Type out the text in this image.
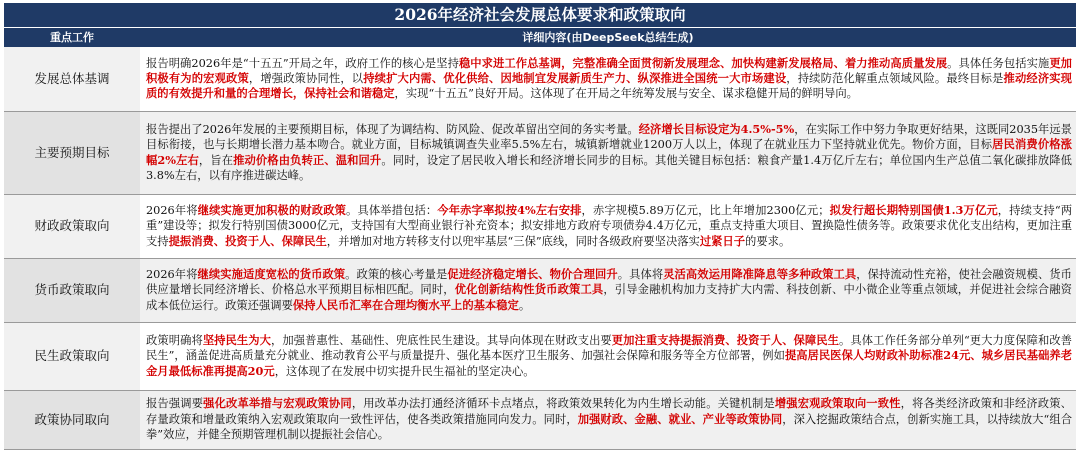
2026年经济社会发展总体要求和政策取向
重点工作	详细内容(由DeepSeek总结生成)
发展总体基调	报告明确2026年是“十五五”开局之年，政府工作的核心是坚持稳中求进工作总基调，完整准确全面贯彻新发展理念、加快构建新发展格局、着力推动高质量发展。具体任务包括实施更加积极有为的宏观政策，增强政策协同性，以持续扩大内需、优化供给、因地制宜发展新质生产力、纵深推进全国统一大市场建设，持续防范化解重点领域风险。最终目标是推动经济实现质的有效提升和量的合理增长，保持社会和谐稳定，实现“十五五”良好开局。这体现了在开局之年统筹发展与安全、谋求稳健开局的鲜明导向。
主要预期目标	报告提出了2026年发展的主要预期目标，体现了为调结构、防风险、促改革留出空间的务实考量。经济增长目标设定为4.5%-5%，在实际工作中努力争取更好结果，这既同2035年远景目标衔接，也与长期增长潜力基本吻合。就业方面，目标城镇调查失业率5.5%左右，城镇新增就业1200万人以上，体现了在就业压力下坚持就业优先。物价方面，目标居民消费价格涨幅2%左右，旨在推动价格由负转正、温和回升。同时，设定了居民收入增长和经济增长同步的目标。其他关键目标包括：粮食产量1.4万亿斤左右；单位国内生产总值二氧化碳排放降低3.8%左右，以有序推进碳达峰。
财政政策取向	2026年将继续实施更加积极的财政政策。具体举措包括：今年赤字率拟按4%左右安排，赤字规模5.89万亿元，比上年增加2300亿元；拟发行超长期特别国债1.3万亿元，持续支持“两重”建设等；拟发行特别国债3000亿元，支持国有大型商业银行补充资本；拟安排地方政府专项债券4.4万亿元，重点支持重大项目、置换隐性债务等。政策要求优化支出结构，更加注重支持提振消费、投资于人、保障民生，并增加对地方转移支付以兜牢基层“三保”底线，同时各级政府要坚决落实过紧日子的要求。
货币政策取向	2026年将继续实施适度宽松的货币政策。政策的核心考量是促进经济稳定增长、物价合理回升。具体将灵活高效运用降准降息等多种政策工具，保持流动性充裕，使社会融资规模、货币供应量增长同经济增长、价格总水平预期目标相匹配。同时，优化创新结构性货币政策工具，引导金融机构加力支持扩大内需、科技创新、中小微企业等重点领域，并促进社会综合融资成本低位运行。政策还强调要保持人民币汇率在合理均衡水平上的基本稳定。
民生政策取向	政策明确将坚持民生为大，加强普惠性、基础性、兜底性民生建设。其导向体现在财政支出要更加注重支持提振消费、投资于人、保障民生。具体工作任务部分单列“更大力度保障和改善民生”，涵盖促进高质量充分就业、推动教育公平与质量提升、强化基本医疗卫生服务、加强社会保障和服务等全方位部署，例如提高居民医保人均财政补助标准24元、城乡居民基础养老金月最低标准再提高20元，这体现了在发展中切实提升民生福祉的坚定决心。
政策协同取向	报告强调要强化改革举措与宏观政策协同，用改革办法打通经济循环卡点堵点，将政策效果转化为内生增长动能。关键机制是增强宏观政策取向一致性，将各类经济政策和非经济政策、存量政策和增量政策纳入宏观政策取向一致性评估，使各类政策措施同向发力。同时，加强财政、金融、就业、产业等政策协同，深入挖掘政策结合点，创新实施工具，以持续放大“组合拳”效应，并健全预期管理机制以提振社会信心。
